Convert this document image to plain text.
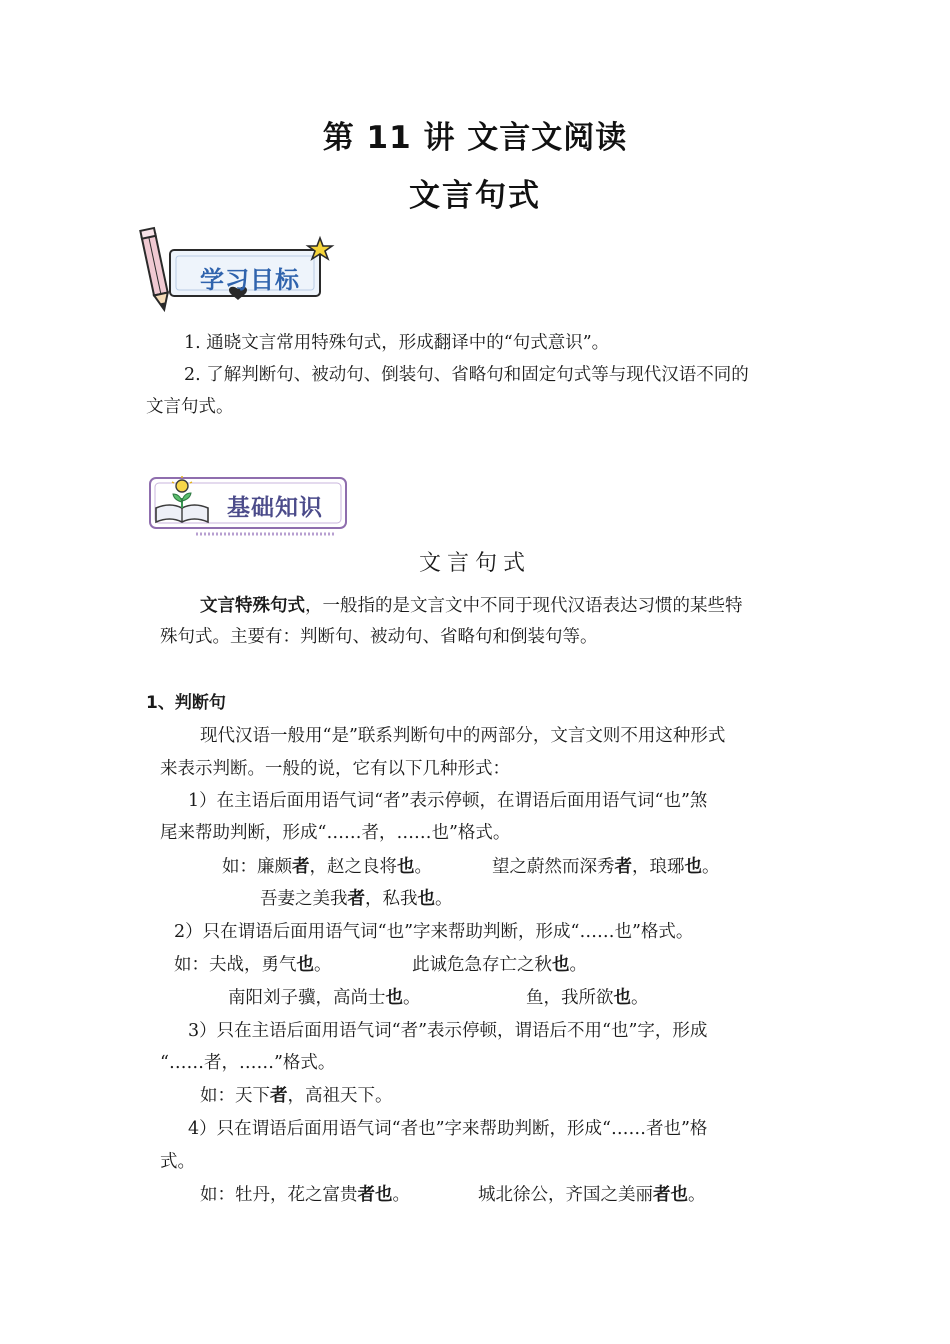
第 11 讲 文言文阅读
文言句式
学习目标
1. 通晓文言常用特殊句式，形成翻译中的“句式意识”。
2. 了解判断句、被动句、倒装句、省略句和固定句式等与现代汉语不同的
文言句式。
基础知识
文言句式
文言特殊句式，一般指的是文言文中不同于现代汉语表达习惯的某些特
殊句式。主要有：判断句、被动句、省略句和倒装句等。
1、判断句
现代汉语一般用“是”联系判断句中的两部分，文言文则不用这种形式
来表示判断。一般的说，它有以下几种形式：
1）在主语后面用语气词“者”表示停顿，在谓语后面用语气词“也”煞
尾来帮助判断，形成“……者，……也”格式。
如：廉颇者，赵之良将也。	望之蔚然而深秀者，琅琊也。
吾妻之美我者，私我也。
2）只在谓语后面用语气词“也”字来帮助判断，形成“……也”格式。
如：夫战，勇气也。	此诚危急存亡之秋也。
南阳刘子骥，高尚士也。	鱼，我所欲也。
3）只在主语后面用语气词“者”表示停顿，谓语后不用“也”字，形成
“……者，……”格式。
如：天下者，高祖天下。
4）只在谓语后面用语气词“者也”字来帮助判断，形成“……者也”格
式。
如：牡丹，花之富贵者也。	城北徐公，齐国之美丽者也。
